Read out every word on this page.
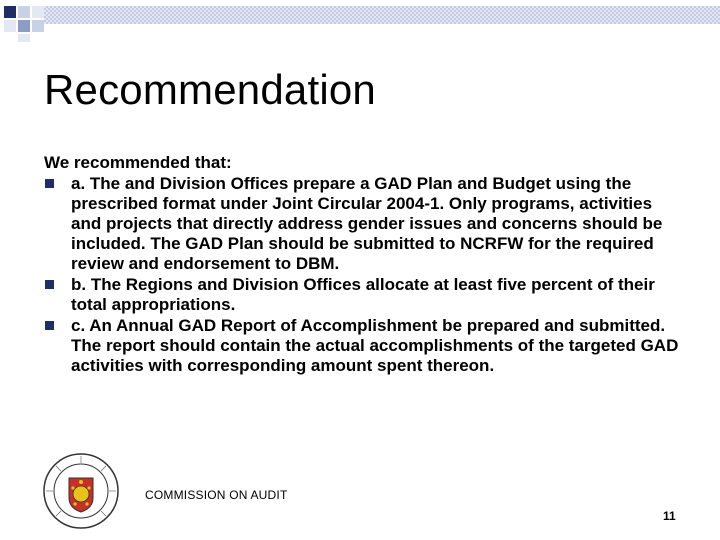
Recommendation

We recommended that:

a. The and Division Offices prepare a GAD Plan and Budget using the prescribed format under Joint Circular 2004-1. Only programs, activities and projects that directly address gender issues and concerns should be included. The GAD Plan should be submitted to NCRFW for the required review and endorsement to DBM.
b. The Regions and Division Offices allocate at least five percent of their total appropriations.
c. An Annual GAD Report of Accomplishment be prepared and submitted. The report should contain the actual accomplishments of the targeted GAD activities with corresponding amount spent thereon.
COMMISSION ON AUDIT
11
